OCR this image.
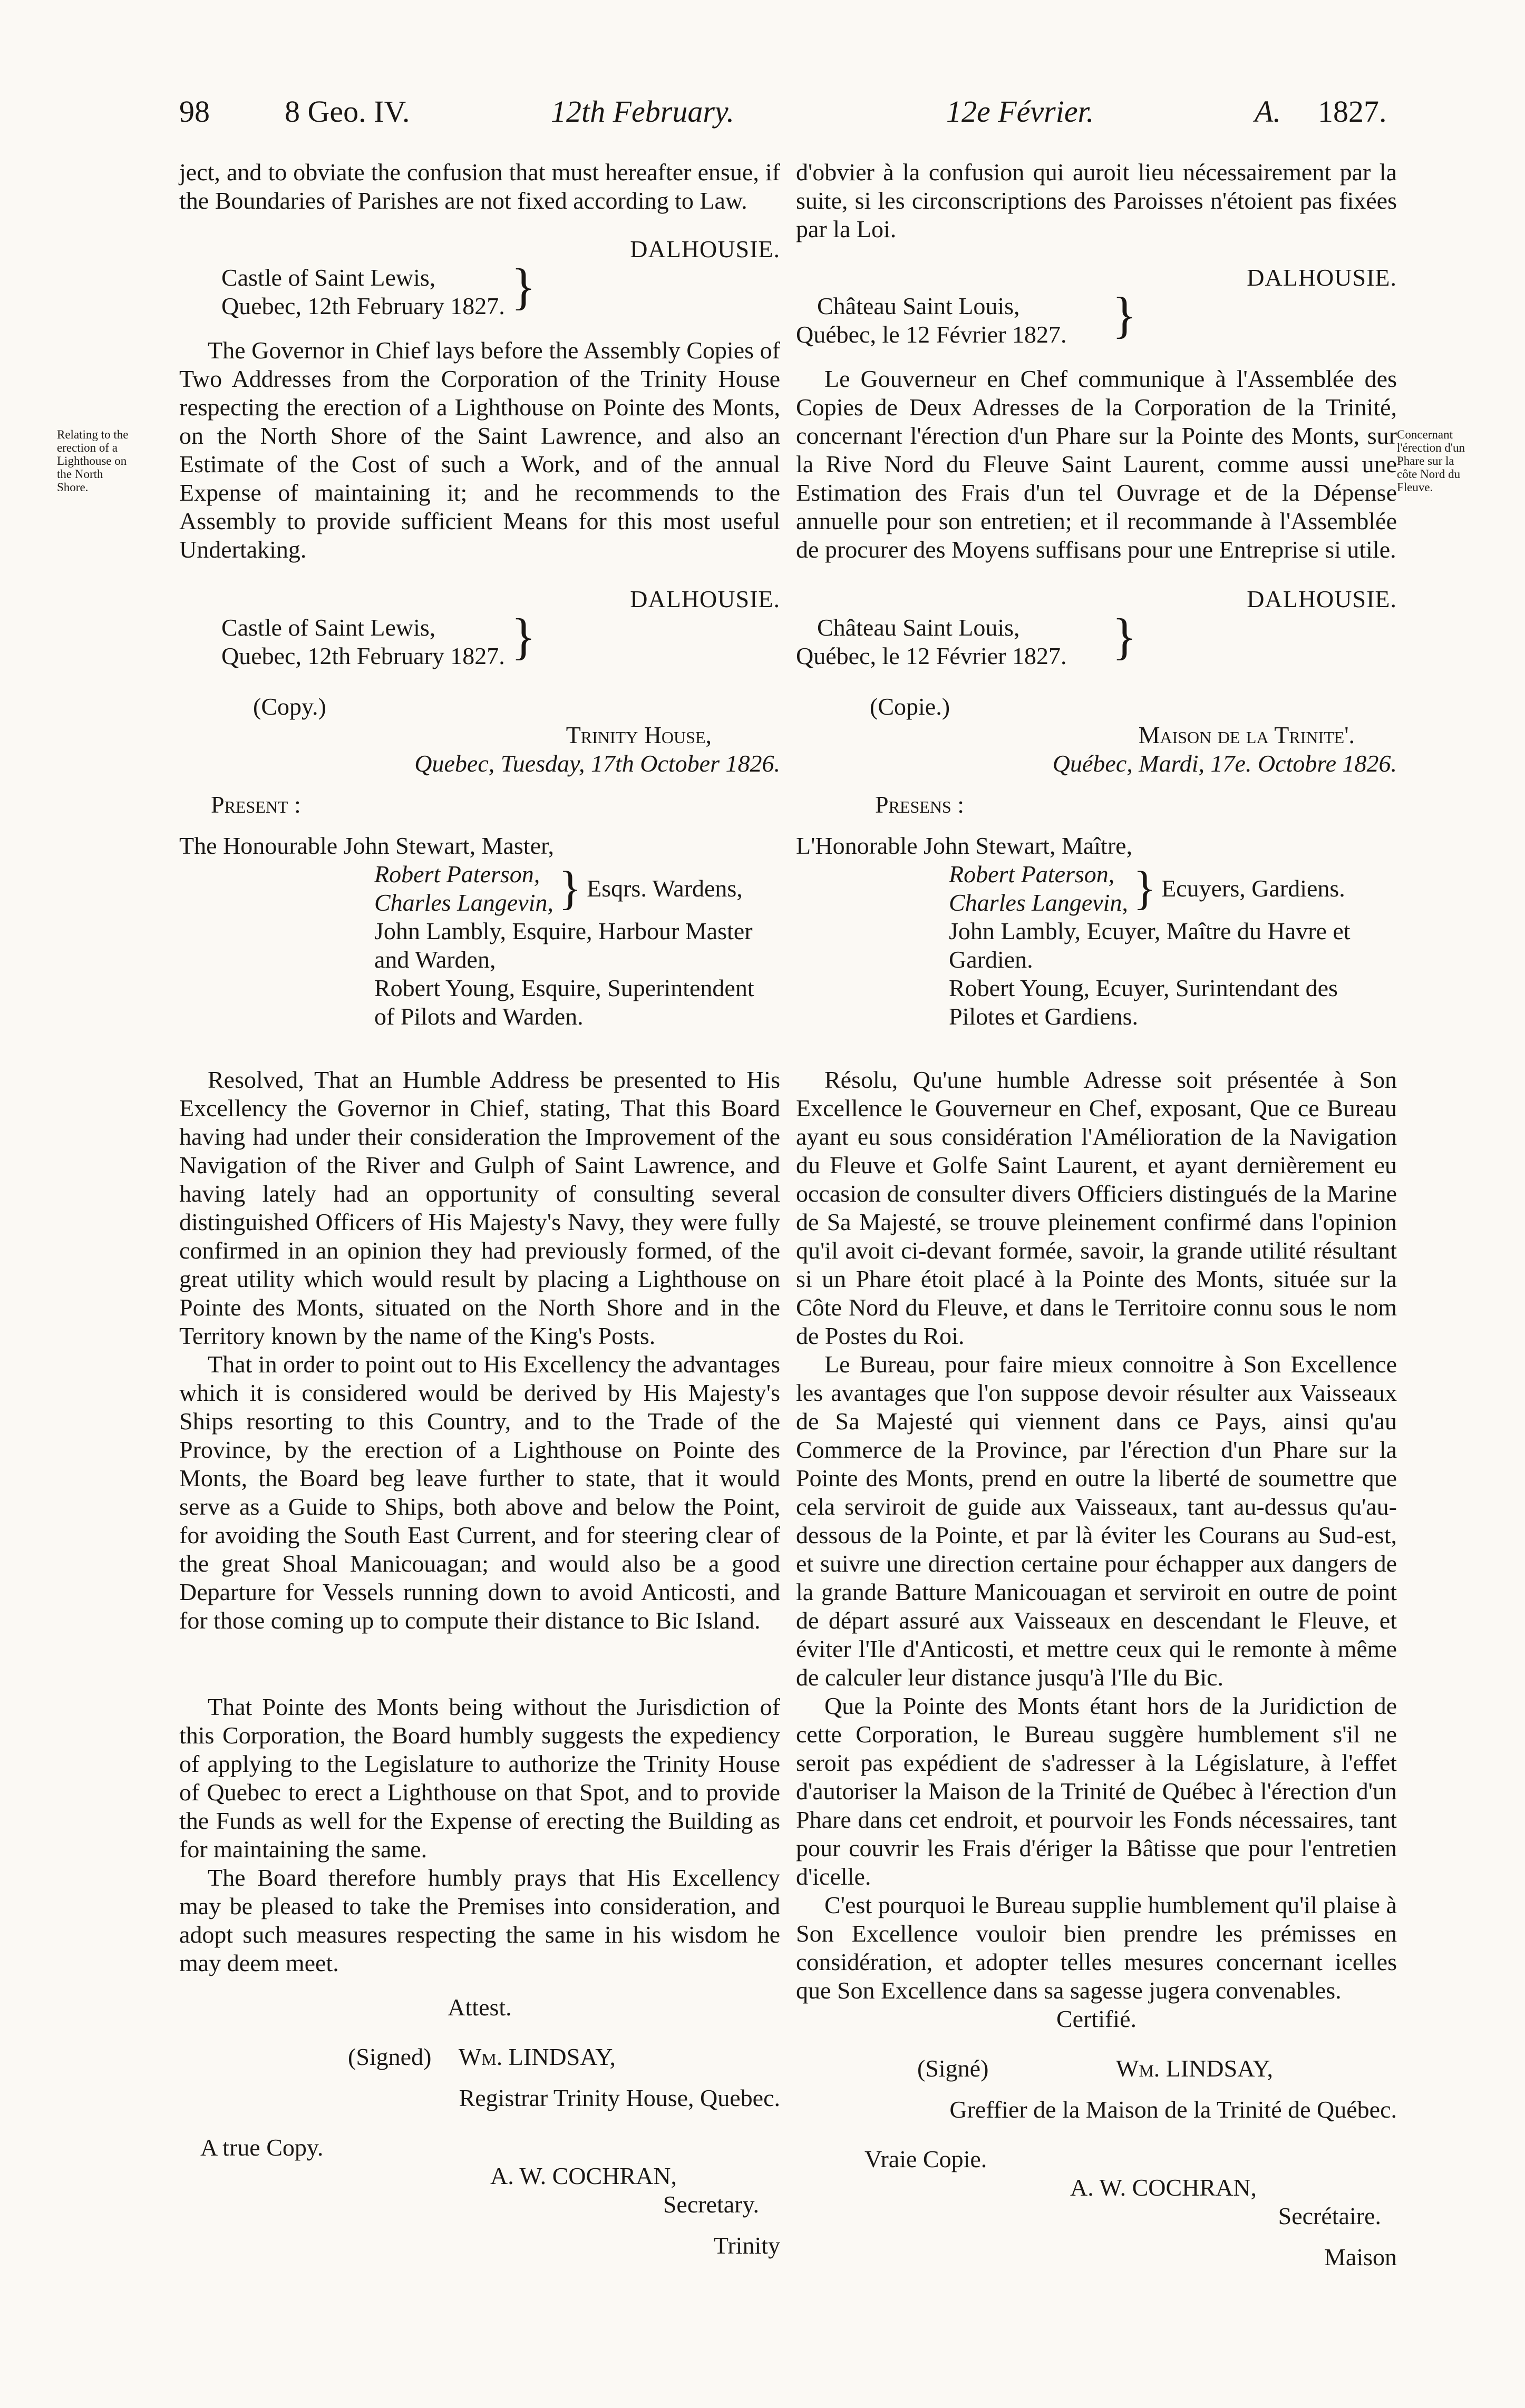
98 8 Geo. IV.	12th February.	12e Février.	A. 1827.
Relating to the erection of a Lighthouse on the North Shore.
Concernant l'érection d'un Phare sur la côte Nord du Fleuve.

ject, and to obviate the confusion that must hereafter ensue, if the Boundaries of Parishes are not fixed according to Law.

DALHOUSIE.
Castle of Saint Lewis,
Quebec, 12th February 1827. }

The Governor in Chief lays before the Assembly Copies of Two Addresses from the Corporation of the Trinity House respecting the erection of a Lighthouse on Pointe des Monts, on the North Shore of the Saint Lawrence, and also an Estimate of the Cost of such a Work, and of the annual Expense of maintaining it; and he recommends to the Assembly to provide sufficient Means for this most useful Undertaking.

DALHOUSIE.
Castle of Saint Lewis,
Quebec, 12th February 1827. }
(Copy.)
Trinity House,
Quebec, Tuesday, 17th October 1826.
Present :
The Honourable John Stewart, Master,
Robert Paterson,
Charles Langevin, } Esqrs. Wardens,
John Lambly, Esquire, Harbour Master and Warden,
Robert Young, Esquire, Superintendent of Pilots and Warden.

Resolved, That an Humble Address be presented to His Excellency the Governor in Chief, stating, That this Board having had under their consideration the Improvement of the Navigation of the River and Gulph of Saint Lawrence, and having lately had an opportunity of consulting several distinguished Officers of His Majesty's Navy, they were fully confirmed in an opinion they had previously formed, of the great utility which would result by placing a Lighthouse on Pointe des Monts, situated on the North Shore and in the Territory known by the name of the King's Posts.

That in order to point out to His Excellency the advantages which it is considered would be derived by His Majesty's Ships resorting to this Country, and to the Trade of the Province, by the erection of a Lighthouse on Pointe des Monts, the Board beg leave further to state, that it would serve as a Guide to Ships, both above and below the Point, for avoiding the South East Current, and for steering clear of the great Shoal Manicouagan; and would also be a good Departure for Vessels running down to avoid Anticosti, and for those coming up to compute their distance to Bic Island.

That Pointe des Monts being without the Jurisdiction of this Corporation, the Board humbly suggests the expediency of applying to the Legislature to authorize the Trinity House of Quebec to erect a Lighthouse on that Spot, and to provide the Funds as well for the Expense of erecting the Building as for maintaining the same.

The Board therefore humbly prays that His Excellency may be pleased to take the Premises into consideration, and adopt such measures respecting the same in his wisdom he may deem meet.

Attest.
(Signed) Wm. LINDSAY,
Registrar Trinity House, Quebec.
A true Copy.
A. W. COCHRAN,
Secretary.
Trinity

d'obvier à la confusion qui auroit lieu nécessairement par la suite, si les circonscriptions des Paroisses n'étoient pas fixées par la Loi.

DALHOUSIE.
Château Saint Louis,
Québec, le 12 Février 1827. }

Le Gouverneur en Chef communique à l'Assemblée des Copies de Deux Adresses de la Corporation de la Trinité, concernant l'érection d'un Phare sur la Pointe des Monts, sur la Rive Nord du Fleuve Saint Laurent, comme aussi une Estimation des Frais d'un tel Ouvrage et de la Dépense annuelle pour son entretien; et il recommande à l'Assemblée de procurer des Moyens suffisans pour une Entreprise si utile.

DALHOUSIE.
Château Saint Louis,
Québec, le 12 Février 1827. }
(Copie.)
Maison de la Trinite'.
Québec, Mardi, 17e. Octobre 1826.
Presens :
L'Honorable John Stewart, Maître,
Robert Paterson,
Charles Langevin, } Ecuyers, Gardiens.
John Lambly, Ecuyer, Maître du Havre et Gardien.
Robert Young, Ecuyer, Surintendant des Pilotes et Gardiens.

Résolu, Qu'une humble Adresse soit présentée à Son Excellence le Gouverneur en Chef, exposant, Que ce Bureau ayant eu sous considération l'Amélioration de la Navigation du Fleuve et Golfe Saint Laurent, et ayant dernièrement eu occasion de consulter divers Officiers distingués de la Marine de Sa Majesté, se trouve pleinement confirmé dans l'opinion qu'il avoit ci-devant formée, savoir, la grande utilité résultant si un Phare étoit placé à la Pointe des Monts, située sur la Côte Nord du Fleuve, et dans le Territoire connu sous le nom de Postes du Roi.

Le Bureau, pour faire mieux connoitre à Son Excellence les avantages que l'on suppose devoir résulter aux Vaisseaux de Sa Majesté qui viennent dans ce Pays, ainsi qu'au Commerce de la Province, par l'érection d'un Phare sur la Pointe des Monts, prend en outre la liberté de soumettre que cela serviroit de guide aux Vaisseaux, tant au-dessus qu'au-dessous de la Pointe, et par là éviter les Courans au Sud-est, et suivre une direction certaine pour échapper aux dangers de la grande Batture Manicouagan et serviroit en outre de point de départ assuré aux Vaisseaux en descendant le Fleuve, et éviter l'Ile d'Anticosti, et mettre ceux qui le remonte à même de calculer leur distance jusqu'à l'Ile du Bic.

Que la Pointe des Monts étant hors de la Juridiction de cette Corporation, le Bureau suggère humblement s'il ne seroit pas expédient de s'adresser à la Législature, à l'effet d'autoriser la Maison de la Trinité de Québec à l'érection d'un Phare dans cet endroit, et pourvoir les Fonds nécessaires, tant pour couvrir les Frais d'ériger la Bâtisse que pour l'entretien d'icelle.

C'est pourquoi le Bureau supplie humblement qu'il plaise à Son Excellence vouloir bien prendre les prémisses en considération, et adopter telles mesures concernant icelles que Son Excellence dans sa sagesse jugera convenables.

Certifié.
(Signé)	Wm. LINDSAY,
Greffier de la Maison de la Trinité de Québec.
Vraie Copie.
A. W. COCHRAN,
Secrétaire.
Maison
